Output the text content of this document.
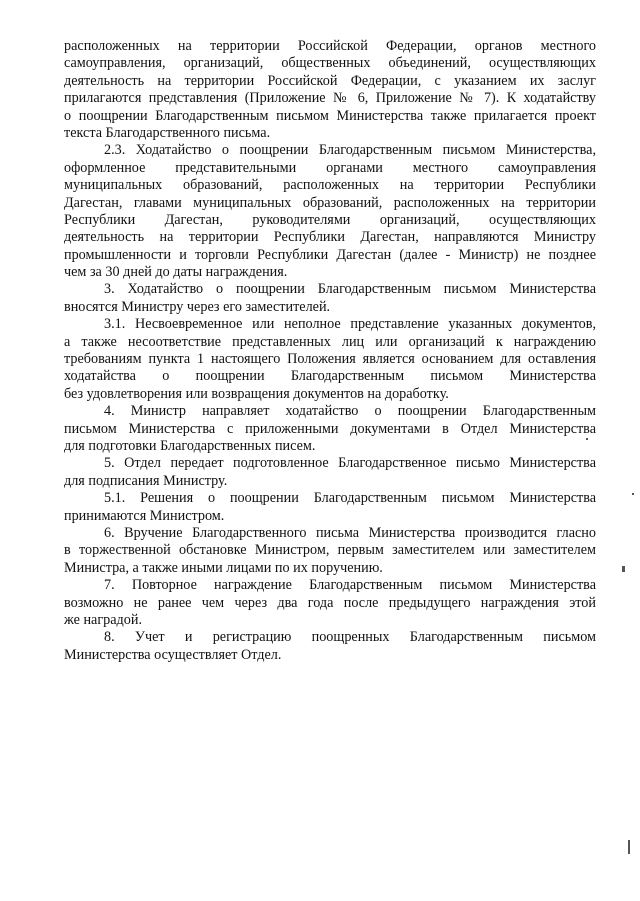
расположенных на территории Российской Федерации, органов местного
самоуправления, организаций, общественных объединений, осуществляющих
деятельность на территории Российской Федерации, с указанием их заслуг
прилагаются представления (Приложение № 6, Приложение № 7). К ходатайству
о поощрении Благодарственным письмом Министерства также прилагается проект
текста Благодарственного письма.

2.3. Ходатайство о поощрении Благодарственным письмом Министерства,
оформленное представительными органами местного самоуправления
муниципальных образований, расположенных на территории Республики
Дагестан, главами муниципальных образований, расположенных на территории
Республики Дагестан, руководителями организаций, осуществляющих
деятельность на территории Республики Дагестан, направляются Министру
промышленности и торговли Республики Дагестан (далее - Министр) не позднее
чем за 30 дней до даты награждения.

3. Ходатайство о поощрении Благодарственным письмом Министерства
вносятся Министру через его заместителей.

3.1. Несвоевременное или неполное представление указанных документов,
а также несоответствие представленных лиц или организаций к награждению
требованиям пункта 1 настоящего Положения является основанием для оставления
ходатайства о поощрении Благодарственным письмом Министерства
без удовлетворения или возвращения документов на доработку.

4. Министр направляет ходатайство о поощрении Благодарственным
письмом Министерства с приложенными документами в Отдел Министерства
для подготовки Благодарственных писем.

5. Отдел передает подготовленное Благодарственное письмо Министерства
для подписания Министру.

5.1. Решения о поощрении Благодарственным письмом Министерства
принимаются Министром.

6. Вручение Благодарственного письма Министерства производится гласно
в торжественной обстановке Министром, первым заместителем или заместителем
Министра, а также иными лицами по их поручению.

7. Повторное награждение Благодарственным письмом Министерства
возможно не ранее чем через два года после предыдущего награждения этой
же наградой.

8. Учет и регистрацию поощренных Благодарственным письмом
Министерства осуществляет Отдел.
